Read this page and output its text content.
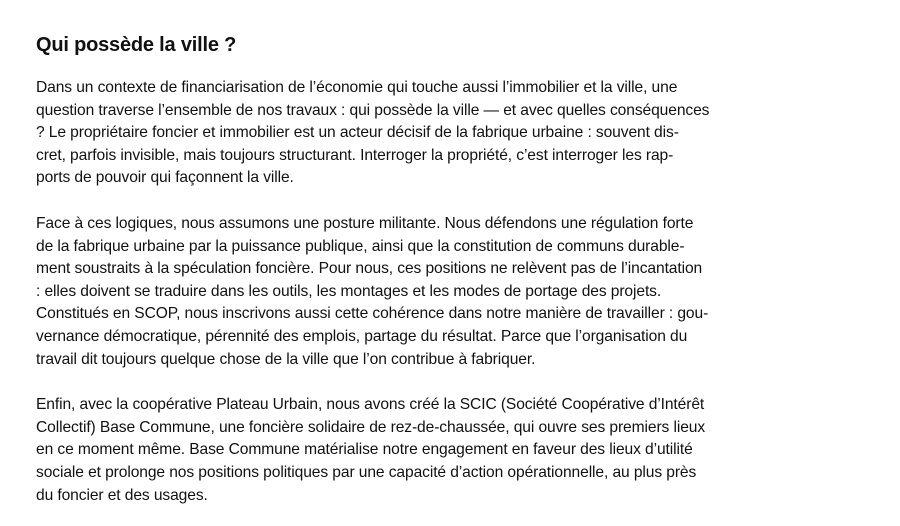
Qui possède la ville ?

Dans un contexte de financiarisation de l’économie qui touche aussi l’immobilier et la ville, une
question traverse l’ensemble de nos travaux : qui possède la ville — et avec quelles conséquences
? Le propriétaire foncier et immobilier est un acteur décisif de la fabrique urbaine : souvent dis-
cret, parfois invisible, mais toujours structurant. Interroger la propriété, c’est interroger les rap-
ports de pouvoir qui façonnent la ville.

Face à ces logiques, nous assumons une posture militante. Nous défendons une régulation forte
de la fabrique urbaine par la puissance publique, ainsi que la constitution de communs durable-
ment soustraits à la spéculation foncière. Pour nous, ces positions ne relèvent pas de l’incantation
: elles doivent se traduire dans les outils, les montages et les modes de portage des projets.
Constitués en SCOP, nous inscrivons aussi cette cohérence dans notre manière de travailler : gou-
vernance démocratique, pérennité des emplois, partage du résultat. Parce que l’organisation du
travail dit toujours quelque chose de la ville que l’on contribue à fabriquer.

Enfin, avec la coopérative Plateau Urbain, nous avons créé la SCIC (Société Coopérative d’Intérêt
Collectif) Base Commune, une foncière solidaire de rez-de-chaussée, qui ouvre ses premiers lieux
en ce moment même. Base Commune matérialise notre engagement en faveur des lieux d’utilité
sociale et prolonge nos positions politiques par une capacité d’action opérationnelle, au plus près
du foncier et des usages.
